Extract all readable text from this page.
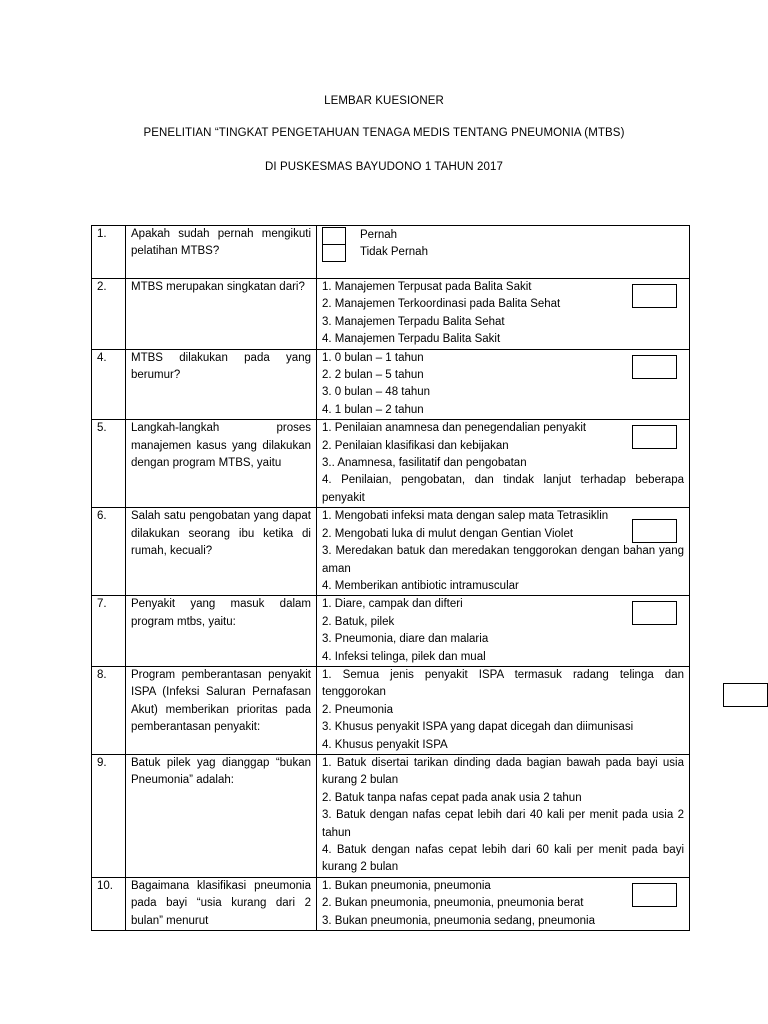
LEMBAR KUESIONER
PENELITIAN “TINGKAT PENGETAHUAN TENAGA MEDIS TENTANG PNEUMONIA (MTBS)
DI PUSKESMAS BAYUDONO 1 TAHUN 2017
1.	Apakah sudah pernah mengikuti pelatihan MTBS?	Pernah
Tidak Pernah

2.	MTBS merupakan singkatan dari?	1. Manajemen Terpusat pada Balita Sakit
2. Manajemen Terkoordinasi pada Balita Sehat
3. Manajemen Terpadu Balita Sehat
4. Manajemen Terpadu Balita Sakit

4.	MTBS dilakukan pada yang berumur?	1. 0 bulan – 1 tahun
2. 2 bulan – 5 tahun
3. 0 bulan – 48 tahun
4. 1 bulan – 2 tahun

5.	Langkah-langkah proses manajemen kasus yang dilakukan dengan program MTBS, yaitu	1. Penilaian anamnesa dan penegendalian penyakit
2. Penilaian klasifikasi dan kebijakan
3.. Anamnesa, fasilitatif dan pengobatan
4. Penilaian, pengobatan, dan tindak lanjut terhadap beberapa penyakit

6.	Salah satu pengobatan yang dapat dilakukan seorang ibu ketika di rumah, kecuali?	1. Mengobati infeksi mata dengan salep mata Tetrasiklin
2. Mengobati luka di mulut dengan Gentian Violet
3. Meredakan batuk dan meredakan tenggorokan dengan bahan yang aman
4. Memberikan antibiotic intramuscular

7.	Penyakit yang masuk dalam program mtbs, yaitu:	1. Diare, campak dan difteri
2. Batuk, pilek
3. Pneumonia, diare dan malaria
4. Infeksi telinga, pilek dan mual

8.	Program pemberantasan penyakit ISPA (Infeksi Saluran Pernafasan Akut) memberikan prioritas pada pemberantasan penyakit:	1. Semua jenis penyakit ISPA termasuk radang telinga dan tenggorokan
2. Pneumonia
3. Khusus penyakit ISPA yang dapat dicegah dan diimunisasi
4. Khusus penyakit ISPA

9.	Batuk pilek yag dianggap “bukan Pneumonia” adalah:	1. Batuk disertai tarikan dinding dada bagian bawah pada bayi usia kurang 2 bulan
2. Batuk tanpa nafas cepat pada anak usia 2 tahun
3. Batuk dengan nafas cepat lebih dari 40 kali per menit pada usia 2 tahun
4. Batuk dengan nafas cepat lebih dari 60 kali per menit pada bayi kurang 2 bulan

10.	Bagaimana klasifikasi pneumonia pada bayi “usia kurang dari 2 bulan” menurut	1. Bukan pneumonia, pneumonia
2. Bukan pneumonia, pneumonia, pneumonia berat
3. Bukan pneumonia, pneumonia sedang, pneumonia
